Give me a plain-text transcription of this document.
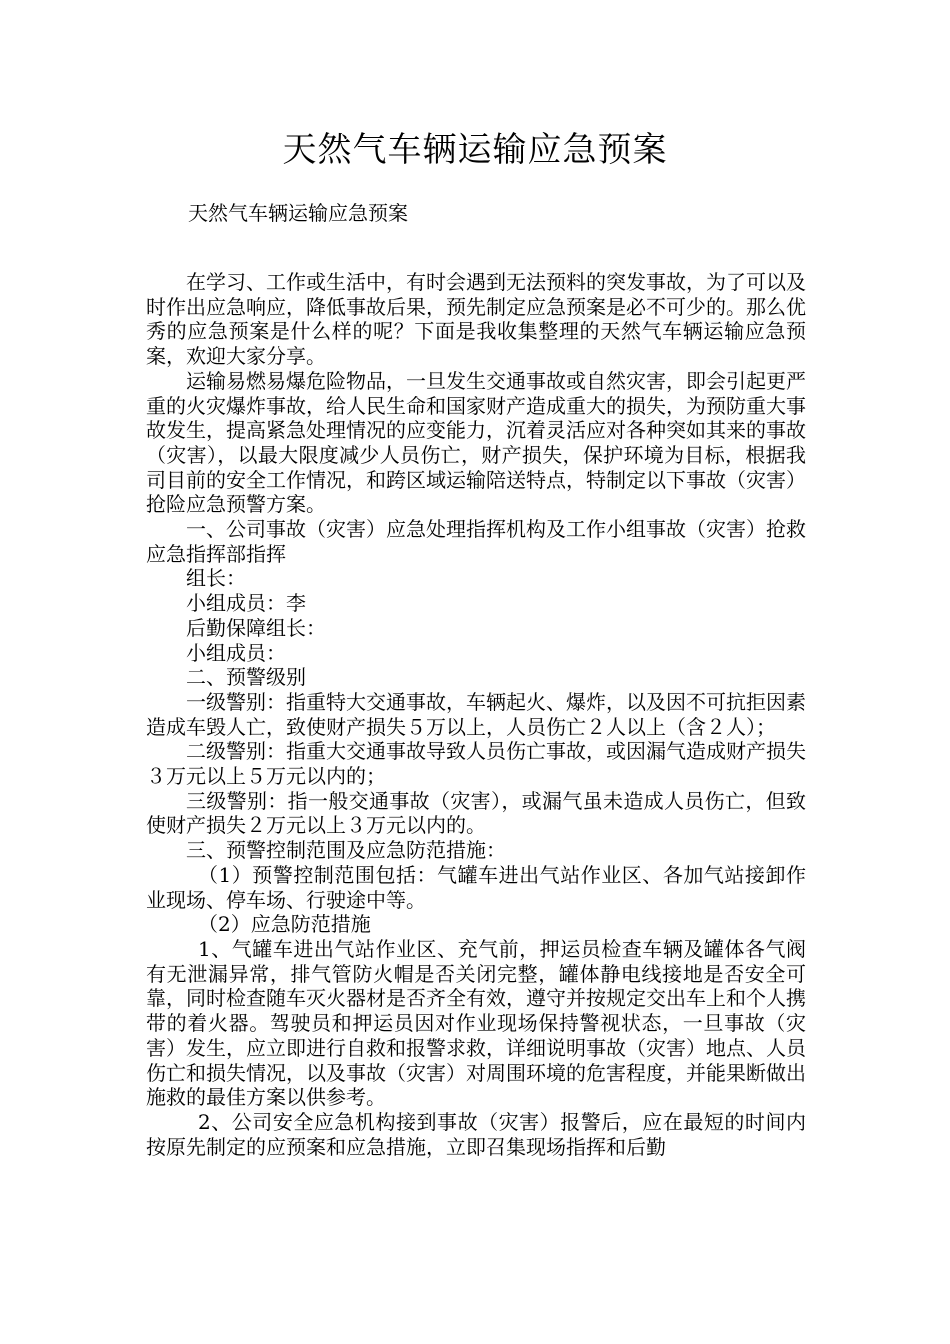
天然气车辆运输应急预案
天然气车辆运输应急预案

在学习、工作或生活中，有时会遇到无法预料的突发事故，为了可以及时作出应急响应，降低事故后果，预先制定应急预案是必不可少的。那么优秀的应急预案是什么样的呢？下面是我收集整理的天然气车辆运输应急预案，欢迎大家分享。

运输易燃易爆危险物品，一旦发生交通事故或自然灾害，即会引起更严重的火灾爆炸事故，给人民生命和国家财产造成重大的损失，为预防重大事故发生，提高紧急处理情况的应变能力，沉着灵活应对各种突如其来的事故（灾害），以最大限度减少人员伤亡，财产损失，保护环境为目标，根据我司目前的安全工作情况，和跨区域运输陪送特点，特制定以下事故（灾害）抢险应急预警方案。

一、公司事故（灾害）应急处理指挥机构及工作小组事故（灾害）抢救应急指挥部指挥

组长：

小组成员：李

后勤保障组长：

小组成员：

二、预警级别

一级警别：指重特大交通事故，车辆起火、爆炸，以及因不可抗拒因素造成车毁人亡，致使财产损失５万以上，人员伤亡２人以上（含２人）；

二级警别：指重大交通事故导致人员伤亡事故，或因漏气造成财产损失３万元以上５万元以内的；

三级警别：指一般交通事故（灾害），或漏气虽未造成人员伤亡，但致使财产损失２万元以上３万元以内的。

三、预警控制范围及应急防范措施：

（1）预警控制范围包括：气罐车进出气站作业区、各加气站接卸作业现场、停车场、行驶途中等。

（2）应急防范措施

1、气罐车进出气站作业区、充气前，押运员检查车辆及罐体各气阀有无泄漏异常，排气管防火帽是否关闭完整，罐体静电线接地是否安全可靠，同时检查随车灭火器材是否齐全有效，遵守并按规定交出车上和个人携带的着火器。驾驶员和押运员因对作业现场保持警视状态，一旦事故（灾害）发生，应立即进行自救和报警求救，详细说明事故（灾害）地点、人员伤亡和损失情况，以及事故（灾害）对周围环境的危害程度，并能果断做出施救的最佳方案以供参考。

2、公司安全应急机构接到事故（灾害）报警后，应在最短的时间内按原先制定的应预案和应急措施，立即召集现场指挥和后勤
